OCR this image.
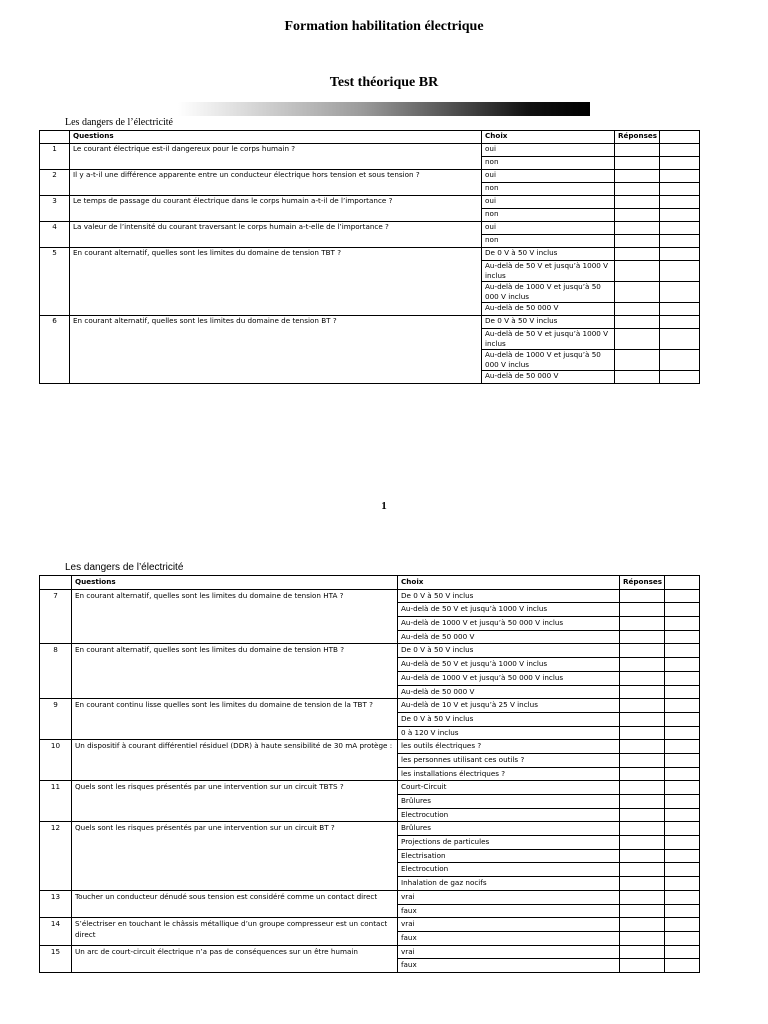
Formation habilitation électrique
Test théorique BR
Les dangers de l’électricité
	Questions	Choix	Réponses	
1	Le courant électrique est-il dangereux pour le corps humain ?	oui		
		non		
2	Il y a-t-il une différence apparente entre un conducteur électrique hors tension et sous tension ?	oui		
		non		
3	Le temps de passage du courant électrique dans le corps humain a-t-il de l’importance ?	oui		
		non		
4	La valeur de l’intensité du courant traversant le corps humain a-t-elle de l’importance ?	oui		
		non		
5	En courant alternatif, quelles sont les limites du domaine de tension TBT ?	De 0 V à 50 V inclus		
		Au-delà de 50 V et jusqu’à 1000 V inclus		
		Au-delà de 1000 V et jusqu’à 50 000 V inclus		
		Au-delà de 50 000 V		
6	En courant alternatif, quelles sont les limites du domaine de tension BT ?	De 0 V à 50 V inclus		
		Au-delà de 50 V et jusqu’à 1000 V inclus		
		Au-delà de 1000 V et jusqu’à 50 000 V inclus		
		Au-delà de 50 000 V		
1
Les dangers de l’électricité
	Questions	Choix	Réponses	
7	En courant alternatif, quelles sont les limites du domaine de tension HTA ?	De 0 V à 50 V inclus		
		Au-delà de 50 V et jusqu’à 1000 V inclus		
		Au-delà de 1000 V et jusqu’à 50 000 V inclus		
		Au-delà de 50 000 V		
8	En courant alternatif, quelles sont les limites du domaine de tension HTB ?	De 0 V à 50 V inclus		
		Au-delà de 50 V et jusqu’à 1000 V inclus		
		Au-delà de 1000 V et jusqu’à 50 000 V inclus		
		Au-delà de 50 000 V		
9	En courant continu lisse quelles sont les limites du domaine de tension de la TBT ?	Au-delà de 10 V et jusqu’à 25 V inclus		
		De 0 V à 50 V inclus		
		0 à 120 V inclus		
10	Un dispositif à courant différentiel résiduel (DDR) à haute sensibilité de 30 mA protège :	les outils électriques ?		
		les personnes utilisant ces outils ?		
		les installations électriques ?		
11	Quels sont les risques présentés par une intervention sur un circuit TBTS ?	Court-Circuit		
		Brûlures		
		Electrocution		
12	Quels sont les risques présentés par une intervention sur un circuit BT ?	Brûlures		
		Projections de particules		
		Electrisation		
		Electrocution		
		Inhalation de gaz nocifs		
13	Toucher un conducteur dénudé sous tension est considéré comme un contact direct	vrai		
		faux		
14	S’électriser en touchant le châssis métallique d’un groupe compresseur est un contact direct	vrai		
		faux		
15	Un arc de court-circuit électrique n’a pas de conséquences sur un être humain	vrai		
		faux		
